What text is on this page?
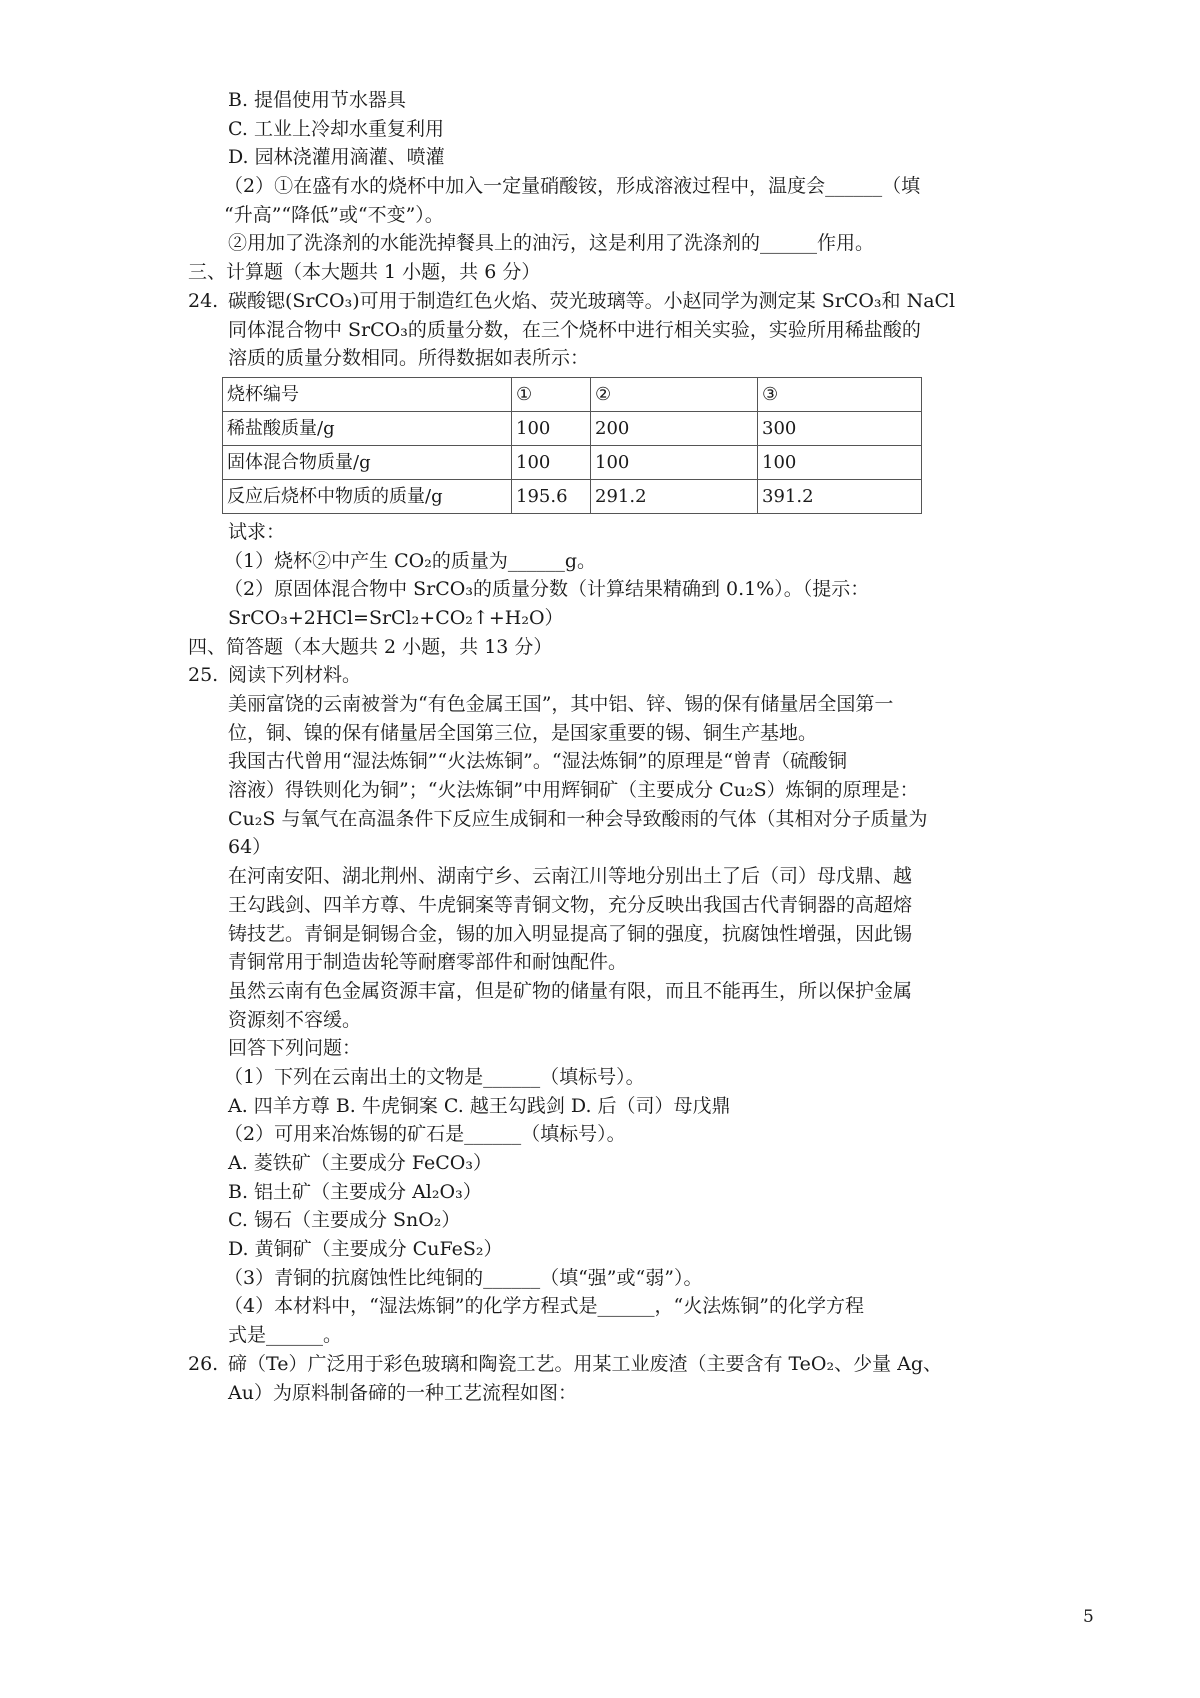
B. 提倡使用节水器具
C. 工业上冷却水重复利用
D. 园林浇灌用滴灌、喷灌
（2）①在盛有水的烧杯中加入一定量硝酸铵，形成溶液过程中，温度会______（填
“升高”“降低”或“不变”）。
②用加了洗涤剂的水能洗掉餐具上的油污，这是利用了洗涤剂的______作用。
三、计算题（本大题共 1 小题，共 6 分）
24. 碳酸锶(SrCO₃)可用于制造红色火焰、荧光玻璃等。小赵同学为测定某 SrCO₃和 NaCl
同体混合物中 SrCO₃的质量分数，在三个烧杯中进行相关实验，实验所用稀盐酸的
溶质的质量分数相同。所得数据如表所示：
烧杯编号	①	②	③
稀盐酸质量/g	100	200	300
固体混合物质量/g	100	100	100
反应后烧杯中物质的质量/g	195.6	291.2	391.2
试求：
（1）烧杯②中产生 CO₂的质量为______g。
（2）原固体混合物中 SrCO₃的质量分数（计算结果精确到 0.1%）。（提示：
SrCO₃+2HCl=SrCl₂+CO₂↑+H₂O）
四、简答题（本大题共 2 小题，共 13 分）
25. 阅读下列材料。
美丽富饶的云南被誉为“有色金属王国”，其中铝、锌、锡的保有储量居全国第一
位，铜、镍的保有储量居全国第三位，是国家重要的锡、铜生产基地。
我国古代曾用“湿法炼铜”“火法炼铜”。“湿法炼铜”的原理是“曾青（硫酸铜
溶液）得铁则化为铜”；“火法炼铜”中用辉铜矿（主要成分 Cu₂S）炼铜的原理是：
Cu₂S 与氧气在高温条件下反应生成铜和一种会导致酸雨的气体（其相对分子质量为
64）
在河南安阳、湖北荆州、湖南宁乡、云南江川等地分别出土了后（司）母戊鼎、越
王勾践剑、四羊方尊、牛虎铜案等青铜文物，充分反映出我国古代青铜器的高超熔
铸技艺。青铜是铜锡合金，锡的加入明显提高了铜的强度，抗腐蚀性增强，因此锡
青铜常用于制造齿轮等耐磨零部件和耐蚀配件。
虽然云南有色金属资源丰富，但是矿物的储量有限，而且不能再生，所以保护金属
资源刻不容缓。
回答下列问题：
（1）下列在云南出土的文物是______（填标号）。
A. 四羊方尊 B. 牛虎铜案 C. 越王勾践剑 D. 后（司）母戊鼎
（2）可用来冶炼锡的矿石是______（填标号）。
A. 菱铁矿（主要成分 FeCO₃）
B. 铝土矿（主要成分 Al₂O₃）
C. 锡石（主要成分 SnO₂）
D. 黄铜矿（主要成分 CuFeS₂）
（3）青铜的抗腐蚀性比纯铜的______（填“强”或“弱”）。
（4）本材料中，“湿法炼铜”的化学方程式是______，“火法炼铜”的化学方程
式是______。
26. 碲（Te）广泛用于彩色玻璃和陶瓷工艺。用某工业废渣（主要含有 TeO₂、少量 Ag、
Au）为原料制备碲的一种工艺流程如图：
5
